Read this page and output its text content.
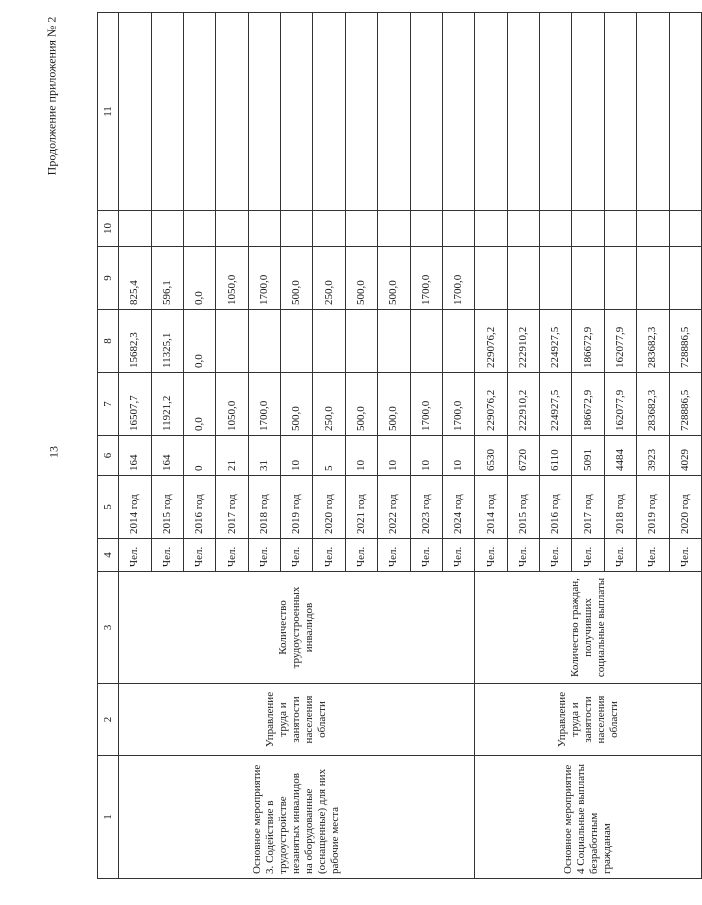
13
Продолжение приложения № 2
1	2	3	4	5	6	7	8	9	10	11
Основное мероприятие 3. Содействие в трудоустройстве незанятых инвалидов на оборудованные (оснащенные) для них рабочие места	Управление труда и занятости населения области	Количество трудоустроенных инвалидов	Чел.	2014 год	164	16507,7	15682,3	825,4		
			Чел.	2015 год	164	11921,2	11325,1	596,1		
			Чел.	2016 год	0	0,0	0,0	0,0		
			Чел.	2017 год	21	1050,0		1050,0		
			Чел.	2018 год	31	1700,0		1700,0		
			Чел.	2019 год	10	500,0		500,0		
			Чел.	2020 год	5	250,0		250,0		
			Чел.	2021 год	10	500,0		500,0		
			Чел.	2022 год	10	500,0		500,0		
			Чел.	2023 год	10	1700,0		1700,0		
			Чел.	2024 год	10	1700,0		1700,0		
Основное мероприятие 4 Социальные выплаты безработным гражданам	Управление труда и занятости населения области	Количество граждан, получивших социальные выплаты	Чел.	2014 год	6530	229076,2	229076,2			
			Чел.	2015 год	6720	222910,2	222910,2			
			Чел.	2016 год	6110	224927,5	224927,5			
			Чел.	2017 год	5091	186672,9	186672,9			
			Чел.	2018 год	4484	162077,9	162077,9			
			Чел.	2019 год	3923	283682,3	283682,3			
			Чел.	2020 год	4029	728886,5	728886,5			
